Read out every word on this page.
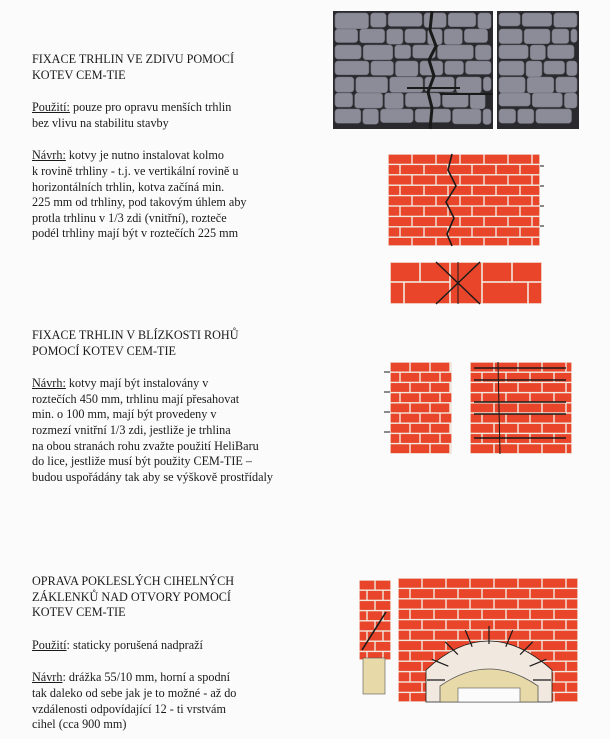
FIXACE TRHLIN VE ZDIVU POMOCÍ
KOTEV CEM-TIE
Použití: pouze pro opravu menších trhlin
bez vlivu na stabilitu stavby
Návrh: kotvy je nutno instalovat kolmo
k rovině trhliny - t.j. ve vertikální rovině u
horizontálních trhlin, kotva začíná min.
225 mm od trhliny, pod takovým úhlem aby
protla trhlinu v 1/3 zdi (vnitřní), rozteče
podél trhliny mají být v roztečích 225 mm
FIXACE TRHLIN V BLÍZKOSTI ROHŮ
POMOCÍ KOTEV CEM-TIE
Návrh: kotvy mají být instalovány v
roztečích 450 mm, trhlinu mají přesahovat
min. o 100 mm, mají být provedeny v
rozmezí vnitřní 1/3 zdi, jestliže je trhlina
na obou stranách rohu zvažte použití HeliBaru
do lice, jestliže musí být použity CEM-TIE –
budou uspořádány tak aby se výškově prostřídaly
OPRAVA POKLESLÝCH CIHELNÝCH
ZÁKLENKŮ NAD OTVORY POMOCÍ
KOTEV CEM-TIE
Použití: staticky porušená nadpraží
Návrh: drážka 55/10 mm, horní a spodní
tak daleko od sebe jak je to možné - až do
vzdálenosti odpovídající 12 - ti vrstvám
cihel (cca 900 mm)
